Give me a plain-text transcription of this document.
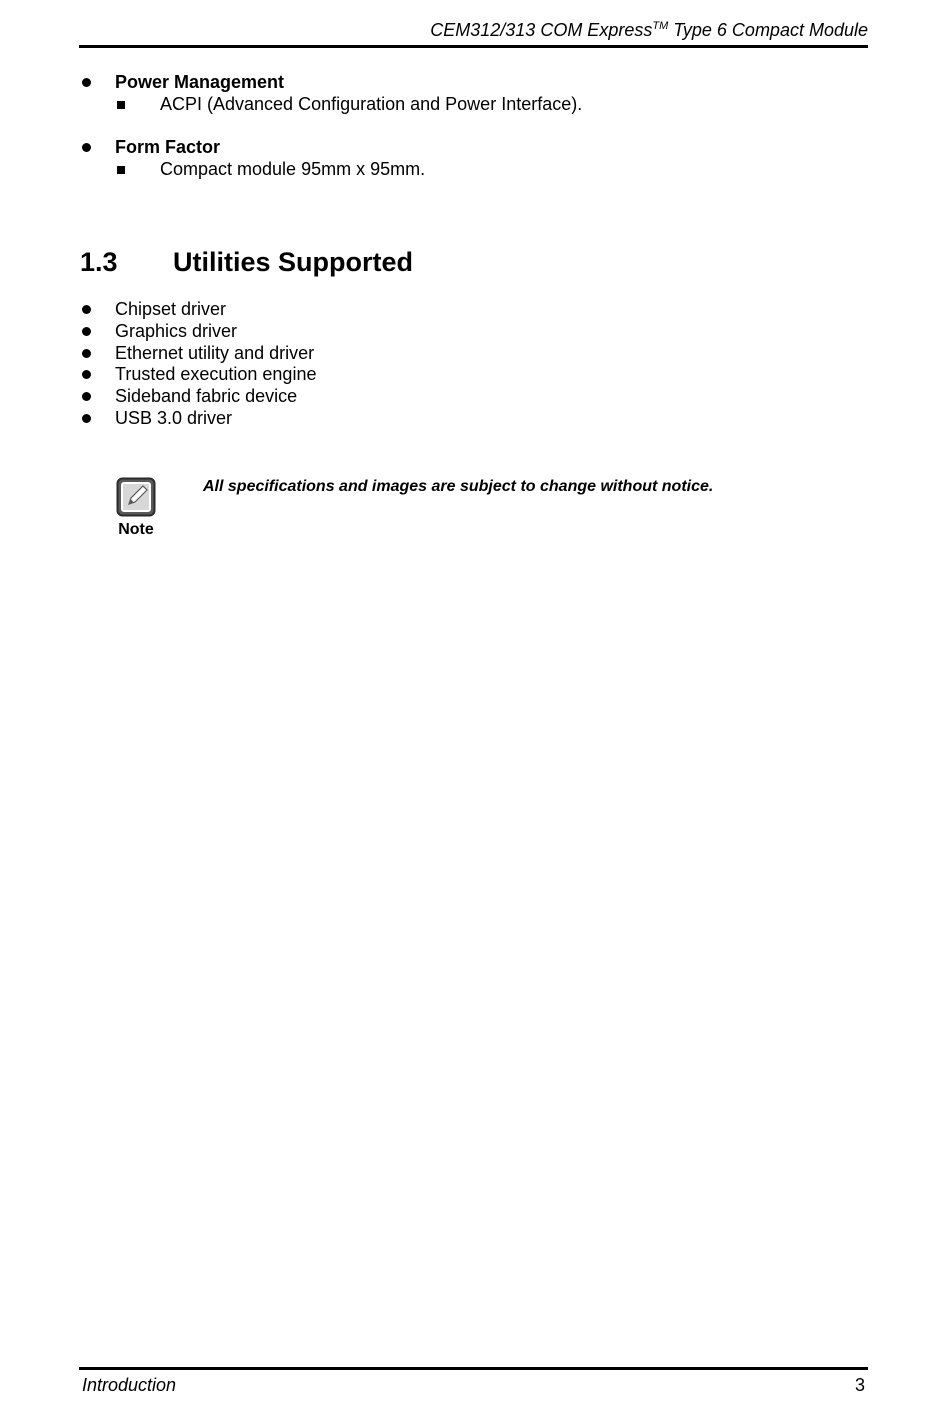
CEM312/313 COM Express™ Type 6 Compact Module
Power Management
ACPI (Advanced Configuration and Power Interface).
Form Factor
Compact module 95mm x 95mm.
1.3 Utilities Supported
Chipset driver
Graphics driver
Ethernet utility and driver
Trusted execution engine
Sideband fabric device
USB 3.0 driver
Note
All specifications and images are subject to change without notice.
Introduction	3
